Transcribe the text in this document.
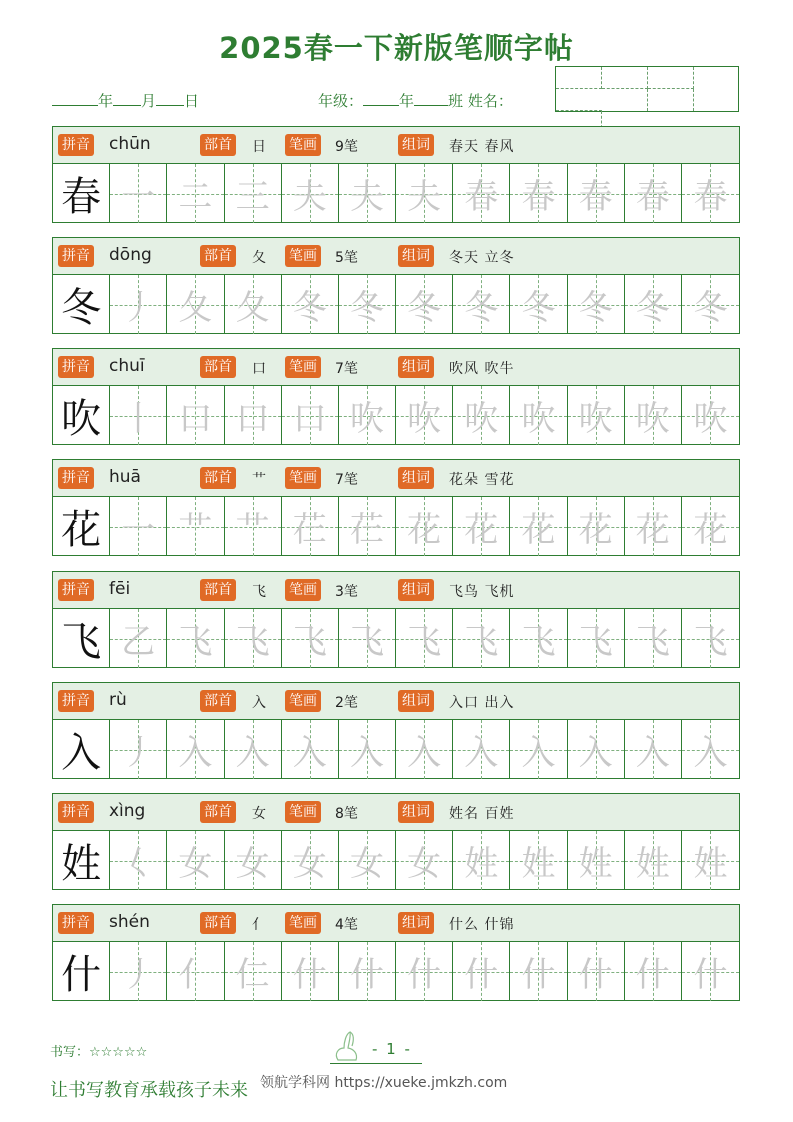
2025春一下新版笔顺字帖
年 月 日	年级： 年 班 姓名：
拼音 chūn	部首 日 笔画 9笔	组词 春天 春风
春 一 二 三 夫 夫 夫 春 春 春 春 春
拼音 dōng	部首 夂 笔画 5笔	组词 冬天 立冬
冬 丿 夂 夂 冬 冬 冬 冬 冬 冬 冬 冬
拼音 chuī	部首 口 笔画 7笔	组词 吹风 吹牛
吹 丨 口 口 口 吹 吹 吹 吹 吹 吹 吹
拼音 huā	部首 艹 笔画 7笔	组词 花朵 雪花
花 一 艹 艹 芢 芢 花 花 花 花 花 花
拼音 fēi	部首 飞 笔画 3笔	组词 飞鸟 飞机
飞 乙 飞 飞 飞 飞 飞 飞 飞 飞 飞 飞
拼音 rù	部首 入 笔画 2笔	组词 入口 出入
入 丿 入 入 入 入 入 入 入 入 入 入
拼音 xìng	部首 女 笔画 8笔	组词 姓名 百姓
姓 𡿨 女 女 女 女 女 姓 姓 姓 姓 姓
拼音 shén	部首 亻 笔画 4笔	组词 什么 什锦
什 丿 亻 仁 什 什 什 什 什 什 什 什
书写：☆☆☆☆☆	- 1 -
让书写教育承载孩子未来 领航学科网 https://xueke.jmkzh.com
